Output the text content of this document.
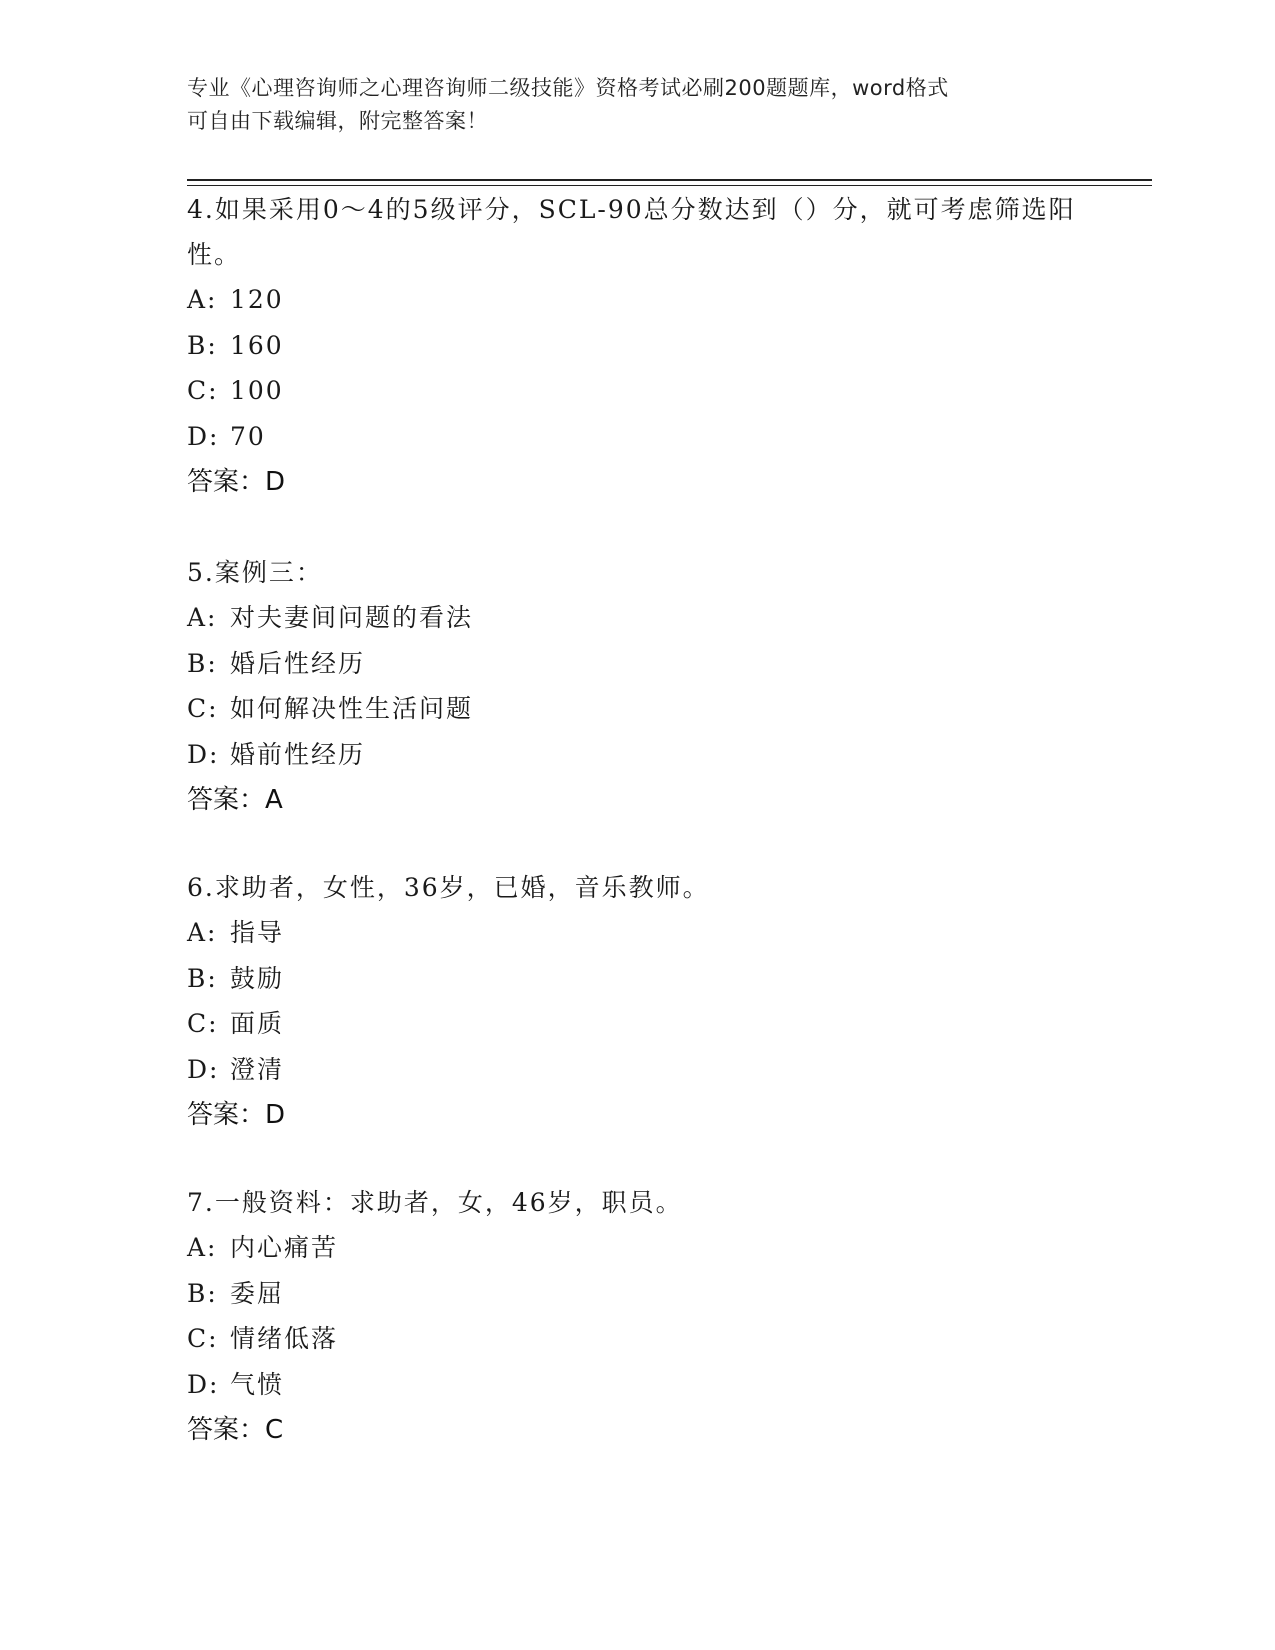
专业《心理咨询师之心理咨询师二级技能》资格考试必刷200题题库，word格式
可自由下载编辑，附完整答案！
4.如果采用0～4的5级评分，SCL-90总分数达到（）分，就可考虑筛选阳性。
A: 120
B: 160
C: 100
D: 70
答案：D
5.案例三：
A: 对夫妻间问题的看法
B: 婚后性经历
C: 如何解决性生活问题
D: 婚前性经历
答案：A
6.求助者，女性，36岁，已婚，音乐教师。
A: 指导
B: 鼓励
C: 面质
D: 澄清
答案：D
7.一般资料：求助者，女，46岁，职员。
A: 内心痛苦
B: 委屈
C: 情绪低落
D: 气愤
答案：C
